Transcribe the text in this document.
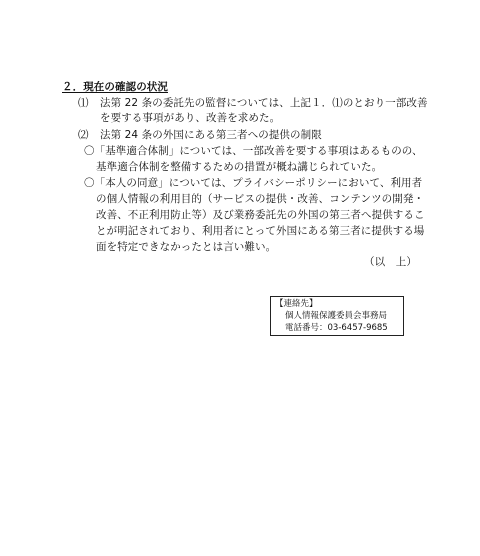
２．現在の確認の状況
⑴ 法第 22 条の委託先の監督については、上記１．⑴のとおり一部改善
を要する事項があり、改善を求めた。
⑵ 法第 24 条の外国にある第三者への提供の制限
〇「基準適合体制」については、一部改善を要する事項はあるものの、
基準適合体制を整備するための措置が概ね講じられていた。
〇「本人の同意」については、プライバシーポリシーにおいて、利用者
の個人情報の利用目的（サービスの提供・改善、コンテンツの開発・
改善、不正利用防止等）及び業務委託先の外国の第三者へ提供するこ
とが明記されており、利用者にとって外国にある第三者に提供する場
面を特定できなかったとは言い難い。
（以　上）
【連絡先】
個人情報保護委員会事務局
電話番号：03-6457-9685
